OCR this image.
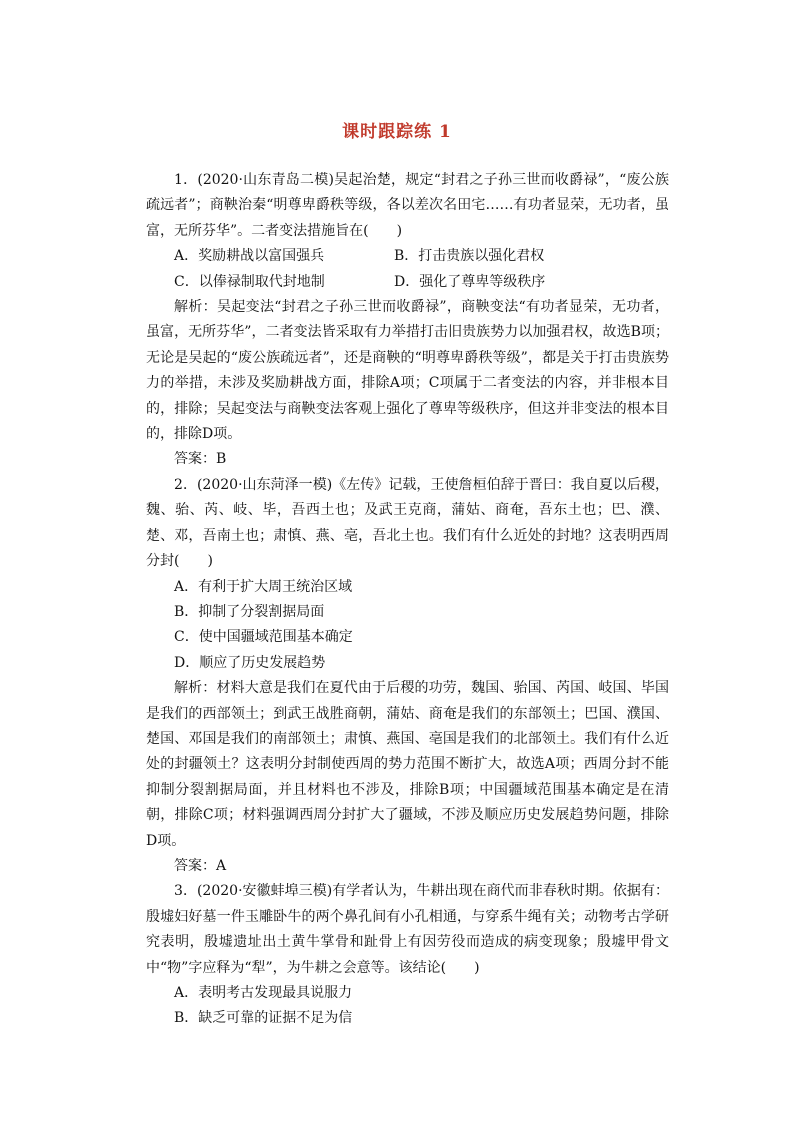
课时跟踪练 1

1．(2020·山东青岛二模)吴起治楚，规定“封君之子孙三世而收爵禄”，“废公族疏远者”；商鞅治秦“明尊卑爵秩等级，各以差次名田宅……有功者显荣，无功者，虽富，无所芬华”。二者变法措施旨在(　　)

A．奖励耕战以富国强兵	B．打击贵族以强化君权
C．以俸禄制取代封地制	D．强化了尊卑等级秩序

解析：吴起变法“封君之子孙三世而收爵禄”，商鞅变法“有功者显荣，无功者，虽富，无所芬华”，二者变法皆采取有力举措打击旧贵族势力以加强君权，故选B项；无论是吴起的“废公族疏远者”，还是商鞅的“明尊卑爵秩等级”，都是关于打击贵族势力的举措，未涉及奖励耕战方面，排除A项；C项属于二者变法的内容，并非根本目的，排除；吴起变法与商鞅变法客观上强化了尊卑等级秩序，但这并非变法的根本目的，排除D项。

答案：B

2．(2020·山东菏泽一模)《左传》记载，王使詹桓伯辞于晋曰：我自夏以后稷，魏、骀、芮、岐、毕，吾西土也；及武王克商，蒲姑、商奄，吾东土也；巴、濮、楚、邓，吾南土也；肃慎、燕、亳，吾北土也。我们有什么近处的封地？这表明西周分封(　　)

A．有利于扩大周王统治区域
B．抑制了分裂割据局面
C．使中国疆域范围基本确定
D．顺应了历史发展趋势

解析：材料大意是我们在夏代由于后稷的功劳，魏国、骀国、芮国、岐国、毕国是我们的西部领土；到武王战胜商朝，蒲姑、商奄是我们的东部领土；巴国、濮国、楚国、邓国是我们的南部领土；肃慎、燕国、亳国是我们的北部领土。我们有什么近处的封疆领土？这表明分封制使西周的势力范围不断扩大，故选A项；西周分封不能抑制分裂割据局面，并且材料也不涉及，排除B项；中国疆域范围基本确定是在清朝，排除C项；材料强调西周分封扩大了疆域，不涉及顺应历史发展趋势问题，排除D项。

答案：A

3．(2020·安徽蚌埠三模)有学者认为，牛耕出现在商代而非春秋时期。依据有：殷墟妇好墓一件玉雕卧牛的两个鼻孔间有小孔相通，与穿系牛绳有关；动物考古学研究表明，殷墟遗址出土黄牛掌骨和趾骨上有因劳役而造成的病变现象；殷墟甲骨文中“物”字应释为“犁”，为牛耕之会意等。该结论(　　)

A．表明考古发现最具说服力
B．缺乏可靠的证据不足为信
